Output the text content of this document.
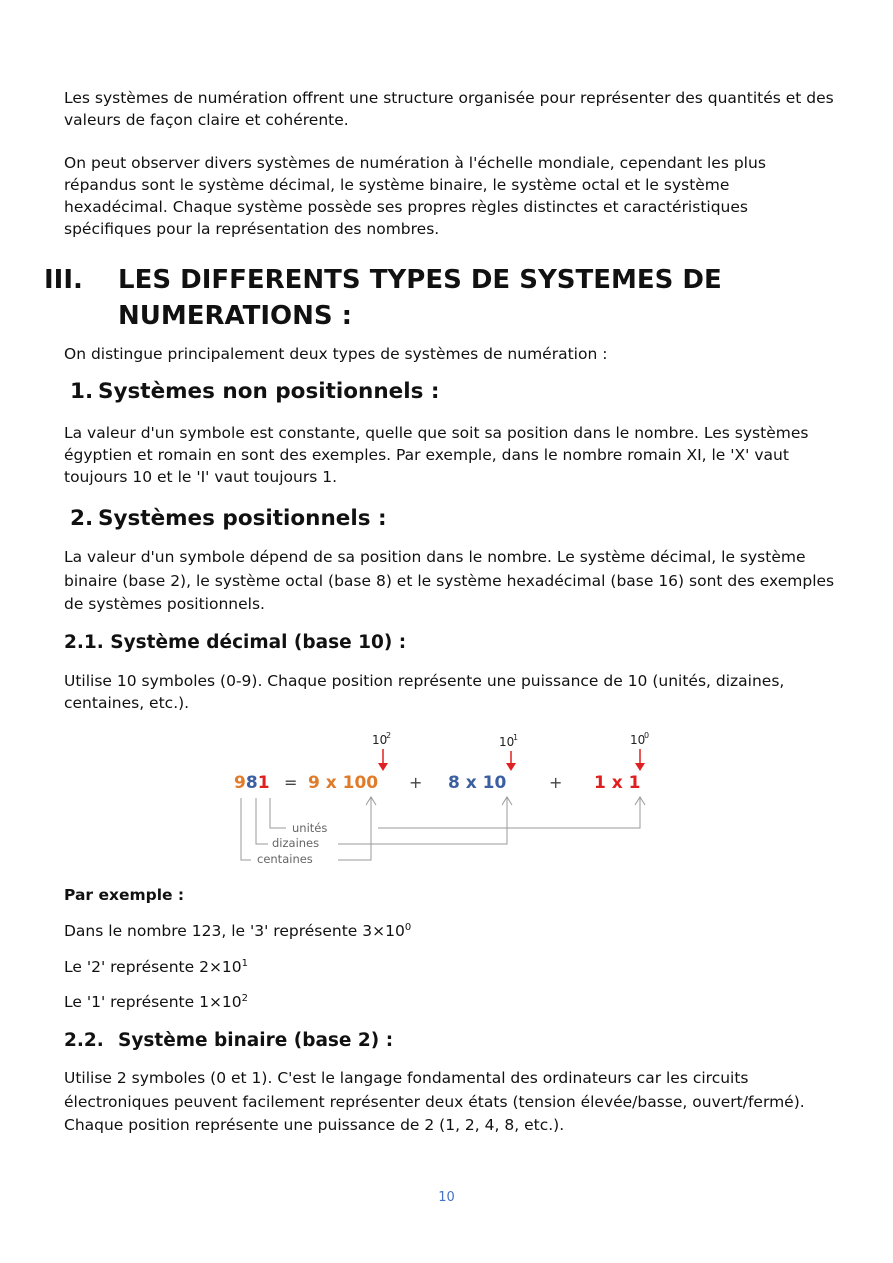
Les systèmes de numération offrent une structure organisée pour représenter des quantités et des valeurs de façon claire et cohérente.

On peut observer divers systèmes de numération à l'échelle mondiale, cependant les plus répandus sont le système décimal, le système binaire, le système octal et le système hexadécimal. Chaque système possède ses propres règles distinctes et caractéristiques spécifiques pour la représentation des nombres.

III. LES DIFFERENTS TYPES DE SYSTEMES DE NUMERATIONS :

On distingue principalement deux types de systèmes de numération :

1. Systèmes non positionnels :

La valeur d'un symbole est constante, quelle que soit sa position dans le nombre. Les systèmes égyptien et romain en sont des exemples. Par exemple, dans le nombre romain XI, le 'X' vaut toujours 10 et le 'I' vaut toujours 1.

2. Systèmes positionnels :

La valeur d'un symbole dépend de sa position dans le nombre. Le système décimal, le système binaire (base 2), le système octal (base 8) et le système hexadécimal (base 16) sont des exemples de systèmes positionnels.

2.1. Système décimal (base 10) :

Utilise 10 symboles (0-9). Chaque position représente une puissance de 10 (unités, dizaines, centaines, etc.).

10
2	10
1	10
0
981 = 9 x 100 + 8 x 10	+ 1 x 1
unités
dizaines
centaines

Par exemple :

Dans le nombre 123, le '3' représente $3\times 10^0$

Le '2' représente $2\times 10^1$

Le '1' représente $1\times 10^2$

2.2. Système binaire (base 2) :

Utilise 2 symboles (0 et 1). C'est le langage fondamental des ordinateurs car les circuits électroniques peuvent facilement représenter deux états (tension élevée/basse, ouvert/fermé). Chaque position représente une puissance de 2 (1, 2, 4, 8, etc.).

10
